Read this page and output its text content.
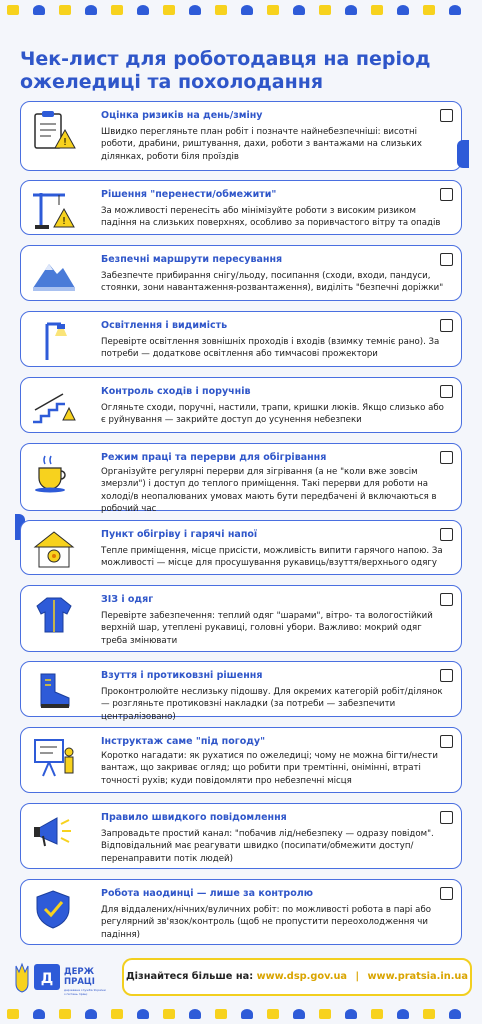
Чек-лист для роботодавця на період ожеледиці та похолодання
!
Оцінка ризиків на день/зміну

Швидко перегляньте план робіт і позначте найнебезпечніші: висотні роботи, драбини, риштування, дахи, роботи з вантажами на слизьких ділянках, роботи біля проїздів

!
Рішення "перенести/обмежити"

За можливості перенесіть або мінімізуйте роботи з високим ризиком падіння на слизьких поверхнях, особливо за поривчастого вітру та опадів

Безпечні маршрути пересування

Забезпечте прибирання снігу/льоду, посипання (сходи, входи, пандуси, стоянки, зони навантаження-розвантаження), виділіть "безпечні доріжки"

Освітлення і видимість

Перевірте освітлення зовнішніх проходів і входів (взимку темніє рано). За потреби — додаткове освітлення або тимчасові прожектори

Контроль сходів і поручнів

Огляньте сходи, поручні, настили, трапи, кришки люків. Якщо слизько або є руйнування — закрийте доступ до усунення небезпеки

Режим праці та перерви для обігрівання

Організуйте регулярні перерви для зігрівання (а не "коли вже зовсім змерзли") і доступ до теплого приміщення. Такі перерви для роботи на холоді/в неопалюваних умовах мають бути передбачені й включаються в робочий час

Пункт обігріву і гарячі напої

Тепле приміщення, місце присісти, можливість випити гарячого напою. За можливості — місце для просушування рукавиць/взуття/верхнього одягу

ЗІЗ і одяг

Перевірте забезпечення: теплий одяг "шарами", вітро- та вологостійкий верхній шар, утеплені рукавиці, головні убори. Важливо: мокрий одяг треба змінювати

Взуття і протиковзні рішення

Проконтролюйте неслизьку підошву. Для окремих категорій робіт/ділянок — розгляньте протиковзні накладки (за потреби — забезпечити централізовано)

Інструктаж саме "під погоду"

Коротко нагадати: як рухатися по ожеледиці; чому не можна бігти/нести вантаж, що закриває огляд; що робити при тремтінні, онімінні, втраті точності рухів; куди повідомляти про небезпечні місця

Правило швидкого повідомлення

Запровадьте простий канал: "побачив лід/небезпеку — одразу повідом". Відповідальний має реагувати швидко (посипати/обмежити доступ/ перенаправити потік людей)

Робота наодинці — лише за контролю

Для віддалених/нічних/вуличних робіт: по можливості робота в парі або регулярний зв'язок/контроль (щоб не пропустити переохолодження чи падіння)

Д ДЕРЖ
ПРАЦІ
державна служба України
з питань праці
Дізнайтеся більше на: www.dsp.gov.ua | www.pratsia.in.ua
